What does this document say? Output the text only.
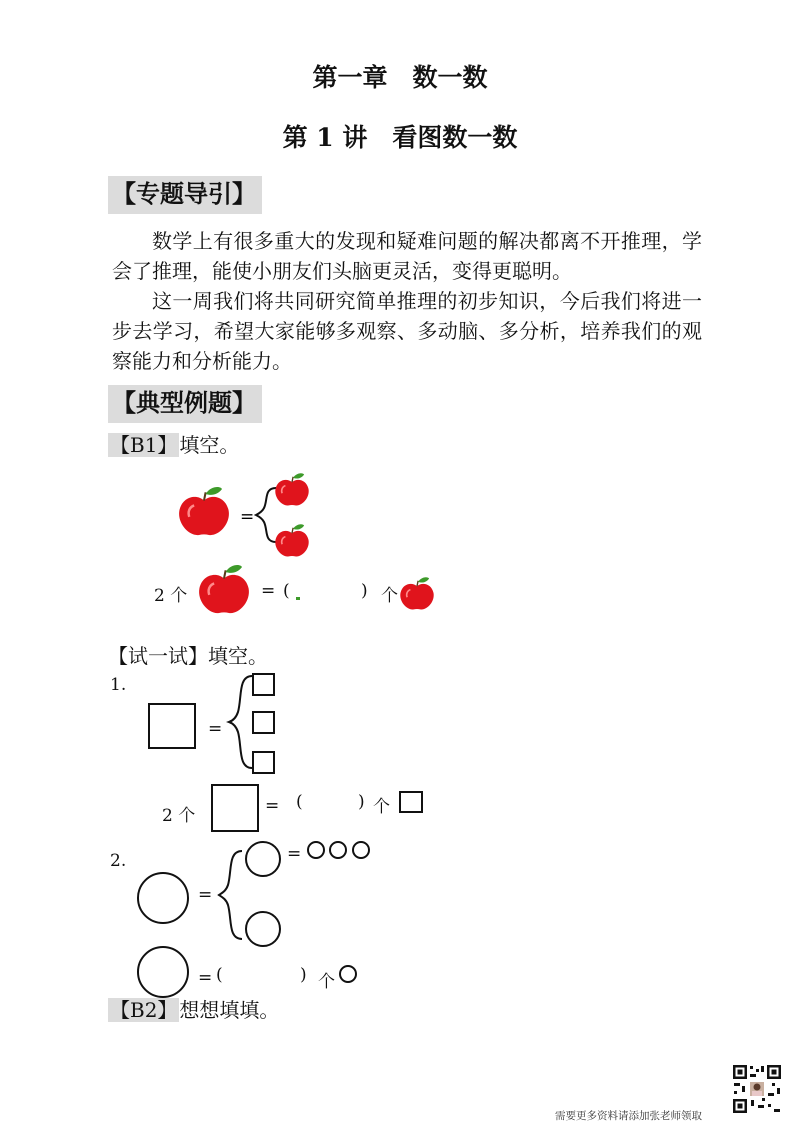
第一章　数一数
第 1 讲　看图数一数
【专题导引】
数学上有很多重大的发现和疑难问题的解决都离不开推理，学会了推理，能使小朋友们头脑更灵活，变得更聪明。
这一周我们将共同研究简单推理的初步知识，今后我们将进一步去学习，希望大家能够多观察、多动脑、多分析，培养我们的观察能力和分析能力。
【典型例题】
【B1】 填空。
=
2 个	= (	) 个
【试一试】填空。
1.
=
2 个	= (	) 个
2.
=
=
= (	) 个
【B2】 想想填填。
需要更多资料请添加张老师领取
